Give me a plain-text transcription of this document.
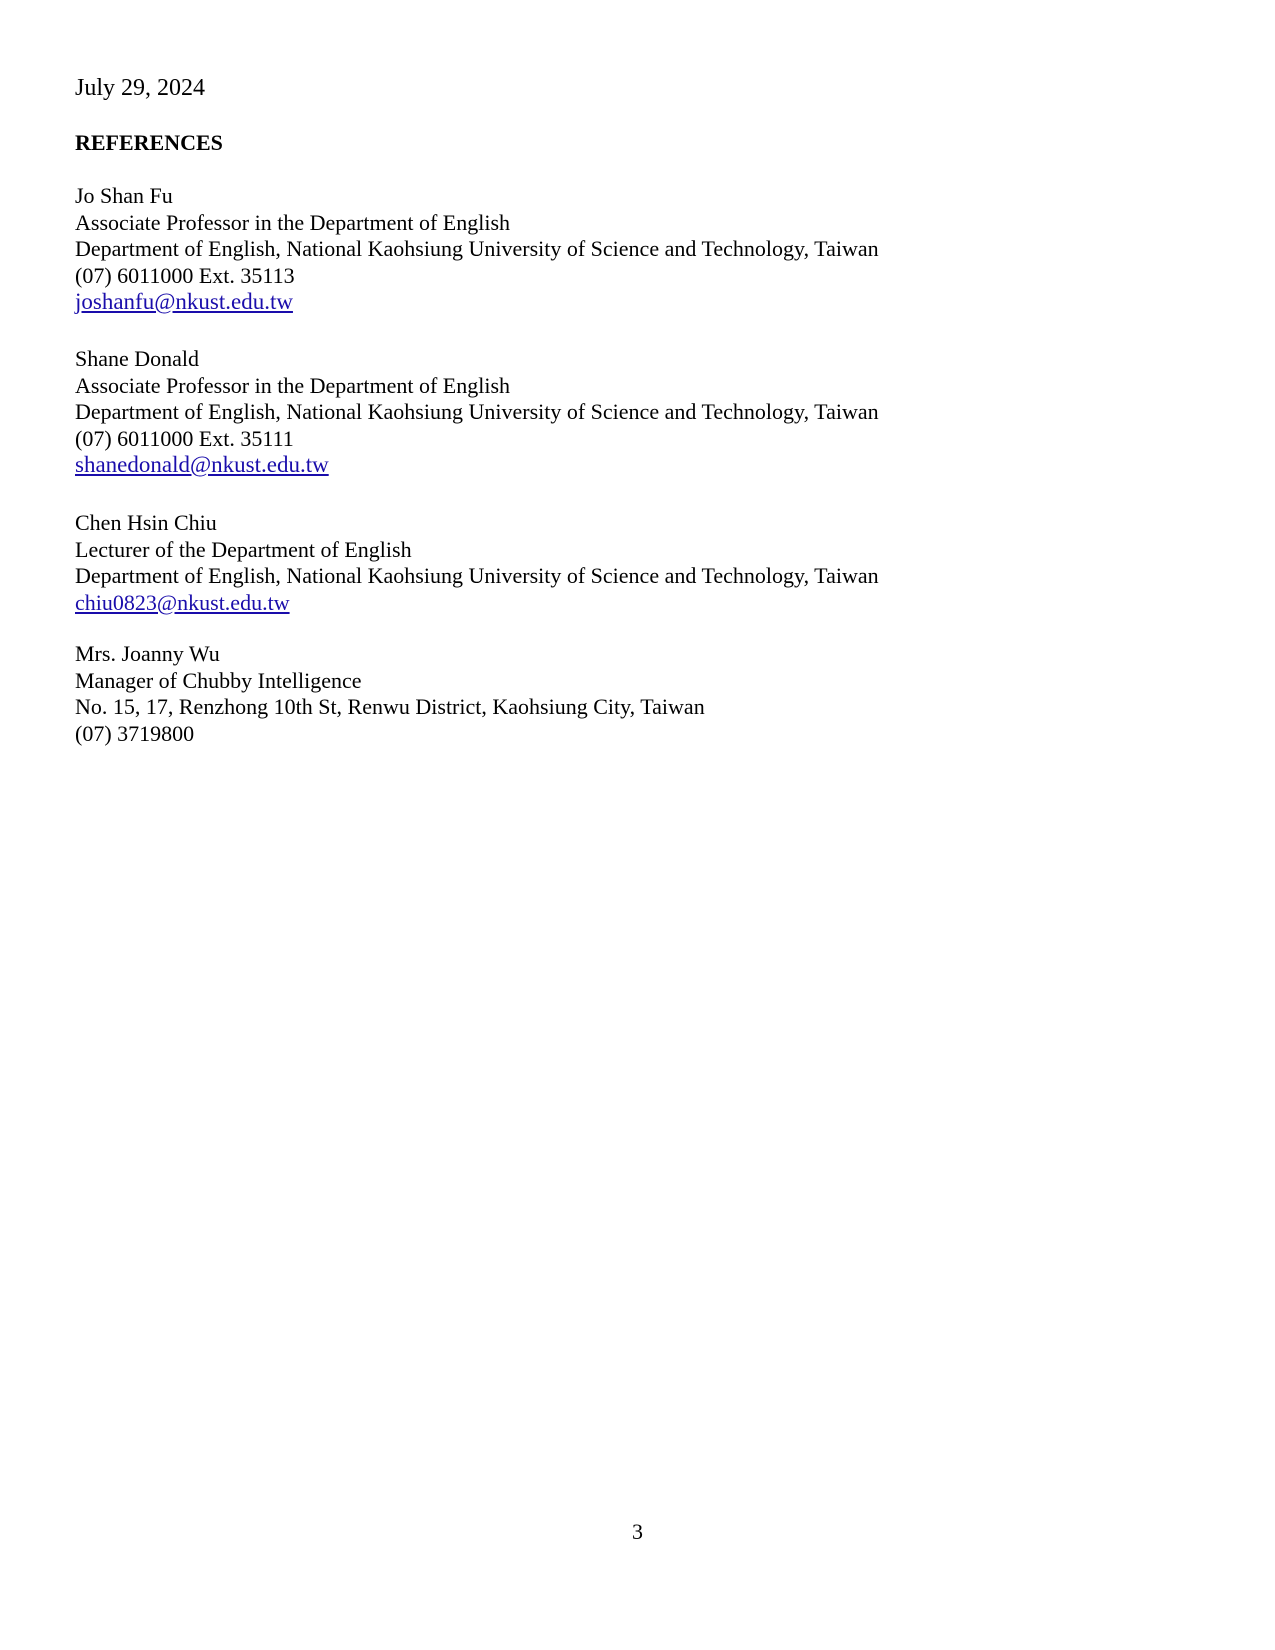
July 29, 2024
REFERENCES
Jo Shan Fu
Associate Professor in the Department of English
Department of English, National Kaohsiung University of Science and Technology, Taiwan
(07) 6011000 Ext. 35113
joshanfu@nkust.edu.tw
Shane Donald
Associate Professor in the Department of English
Department of English, National Kaohsiung University of Science and Technology, Taiwan
(07) 6011000 Ext. 35111
shanedonald@nkust.edu.tw
Chen Hsin Chiu
Lecturer of the Department of English
Department of English, National Kaohsiung University of Science and Technology, Taiwan
chiu0823@nkust.edu.tw
Mrs. Joanny Wu
Manager of Chubby Intelligence
No. 15, 17, Renzhong 10th St, Renwu District, Kaohsiung City, Taiwan
(07) 3719800
3
